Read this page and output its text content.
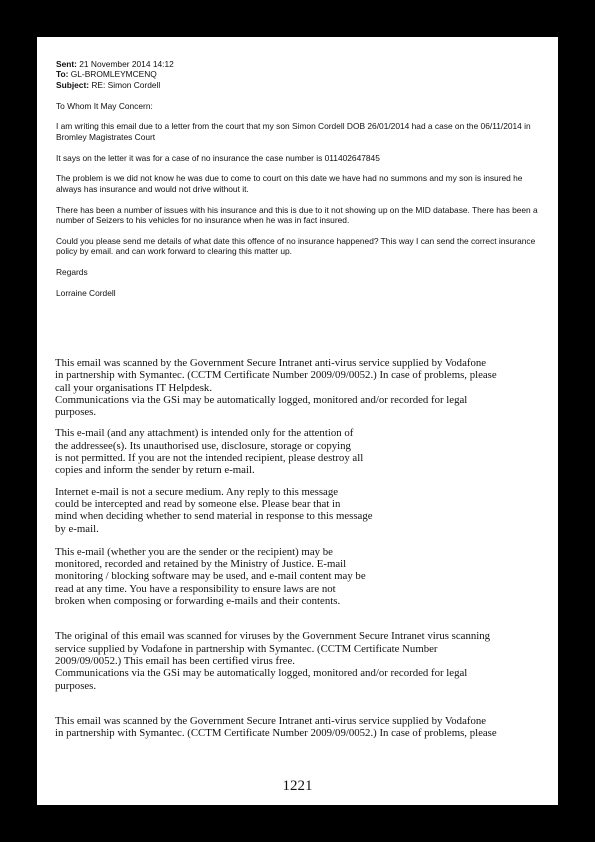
Sent: 21 November 2014 14:12
To: GL-BROMLEYMCENQ
Subject: RE: Simon Cordell

To Whom It May Concern:

I am writing this email due to a letter from the court that my son Simon Cordell DOB 26/01/2014 had a case on the 06/11/2014 in Bromley Magistrates Court

It says on the letter it was for a case of no insurance the case number is 011402647845

The problem is we did not know he was due to come to court on this date we have had no summons and my son is insured he always has insurance and would not drive without it.

There has been a number of issues with his insurance and this is due to it not showing up on the MID database. There has been a number of Seizers to his vehicles for no insurance when he was in fact insured.

Could you please send me details of what date this offence of no insurance happened? This way I can send the correct insurance policy by email. and can work forward to clearing this matter up.

Regards

Lorraine Cordell

This email was scanned by the Government Secure Intranet anti-virus service supplied by Vodafone

in partnership with Symantec. (CCTM Certificate Number 2009/09/0052.) In case of problems, please

call your organisations IT Helpdesk.

Communications via the GSi may be automatically logged, monitored and/or recorded for legal

purposes.

This e-mail (and any attachment) is intended only for the attention of

the addressee(s). Its unauthorised use, disclosure, storage or copying

is not permitted. If you are not the intended recipient, please destroy all

copies and inform the sender by return e-mail.

Internet e-mail is not a secure medium. Any reply to this message

could be intercepted and read by someone else. Please bear that in

mind when deciding whether to send material in response to this message

by e-mail.

This e-mail (whether you are the sender or the recipient) may be

monitored, recorded and retained by the Ministry of Justice. E-mail

monitoring / blocking software may be used, and e-mail content may be

read at any time. You have a responsibility to ensure laws are not

broken when composing or forwarding e-mails and their contents.

The original of this email was scanned for viruses by the Government Secure Intranet virus scanning

service supplied by Vodafone in partnership with Symantec. (CCTM Certificate Number

2009/09/0052.) This email has been certified virus free.

Communications via the GSi may be automatically logged, monitored and/or recorded for legal

purposes.

This email was scanned by the Government Secure Intranet anti-virus service supplied by Vodafone

in partnership with Symantec. (CCTM Certificate Number 2009/09/0052.) In case of problems, please

1221
